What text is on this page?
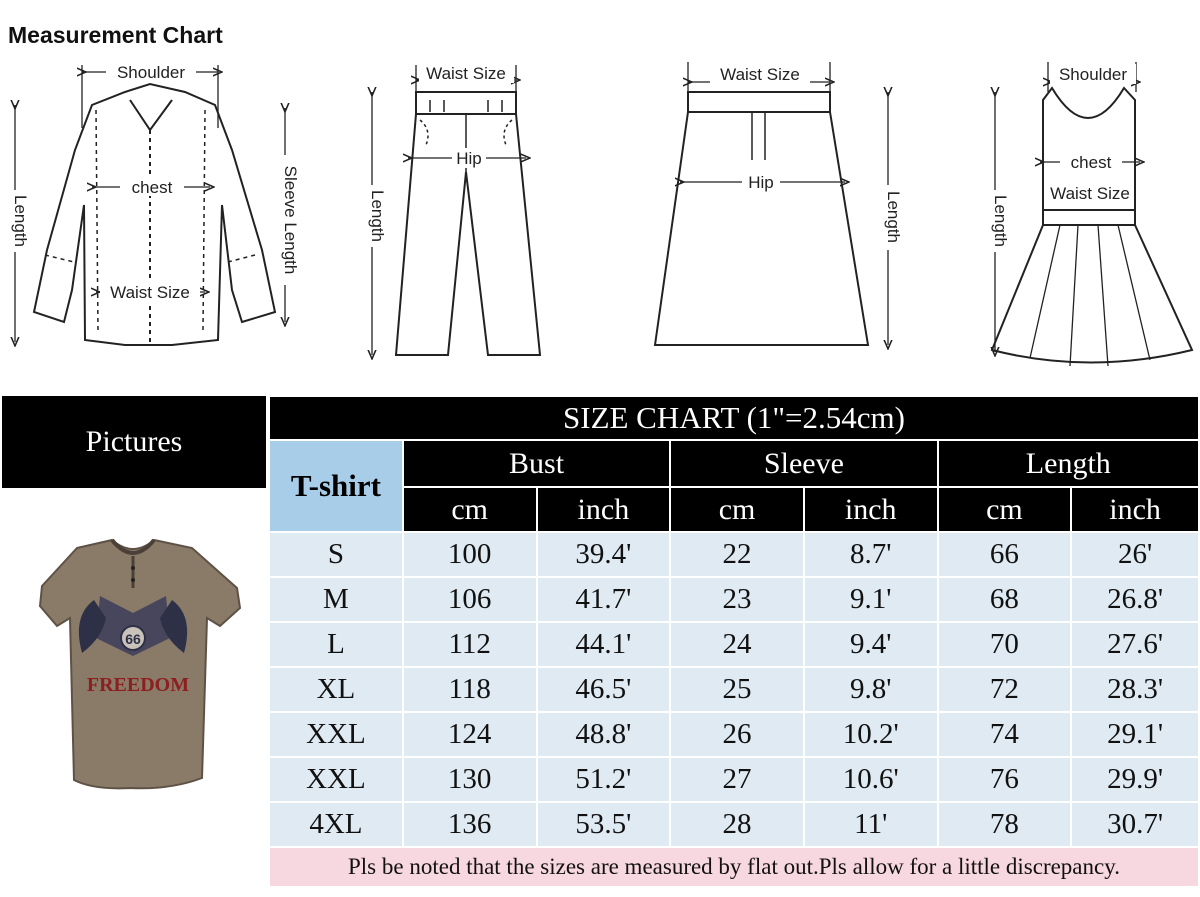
Measurement Chart
Shoulder
chest
Waist Size
Length	Sleeve Length
Waist Size
Hip
Length
Waist Size
Hip
Length
Shoulder
chest
Waist Size
Length
Pictures
66
FREEDOM
SIZE CHART (1"=2.54cm)						
T-shirt	Bust		Sleeve		Length	
	cm	inch	cm	inch	cm	inch
S	100	39.4'	22	8.7'	66	26'
M	106	41.7'	23	9.1'	68	26.8'
L	112	44.1'	24	9.4'	70	27.6'
XL	118	46.5'	25	9.8'	72	28.3'
XXL	124	48.8'	26	10.2'	74	29.1'
XXL	130	51.2'	27	10.6'	76	29.9'
4XL	136	53.5'	28	11'	78	30.7'
Pls be noted that the sizes are measured by flat out.Pls allow for a little discrepancy.						
